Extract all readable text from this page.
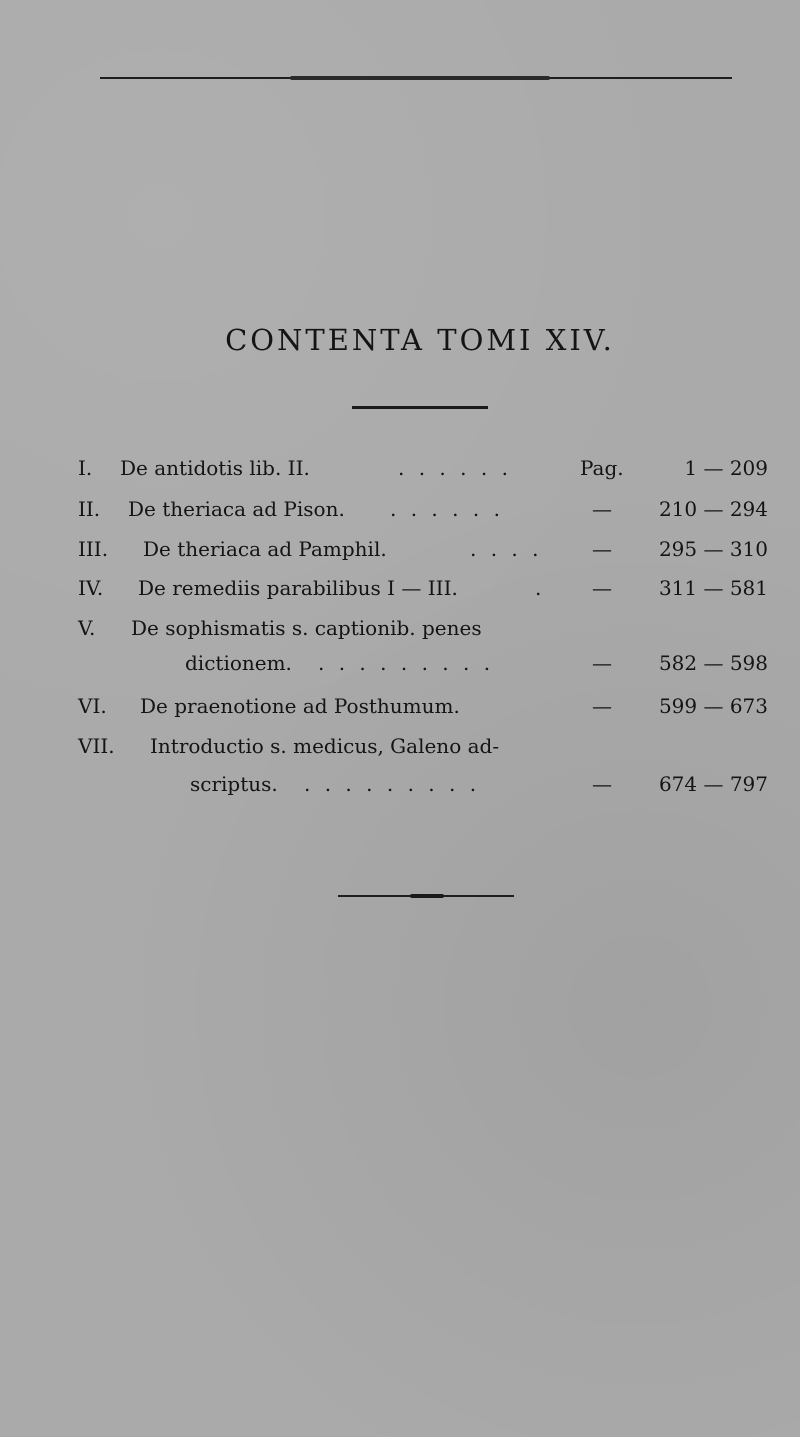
CONTENTA TOMI XIV.
I. De antidotis lib. II.	. . . . . .	Pag.	1 — 209
II. De theriaca ad Pison. . . . . . .	—	210 — 294
III. De theriaca ad Pamphil.	. . . . —	295 — 310
IV. De remediis parabilibus I — III.	. —	311 — 581
V. De sophismatis s. captionib. penes
dictionem. . . . . . . . . .	—	582 — 598
VI. De praenotione ad Posthumum.	—	599 — 673
VII. Introductio s. medicus, Galeno ad-
scriptus. . . . . . . . . .	—	674 — 797
